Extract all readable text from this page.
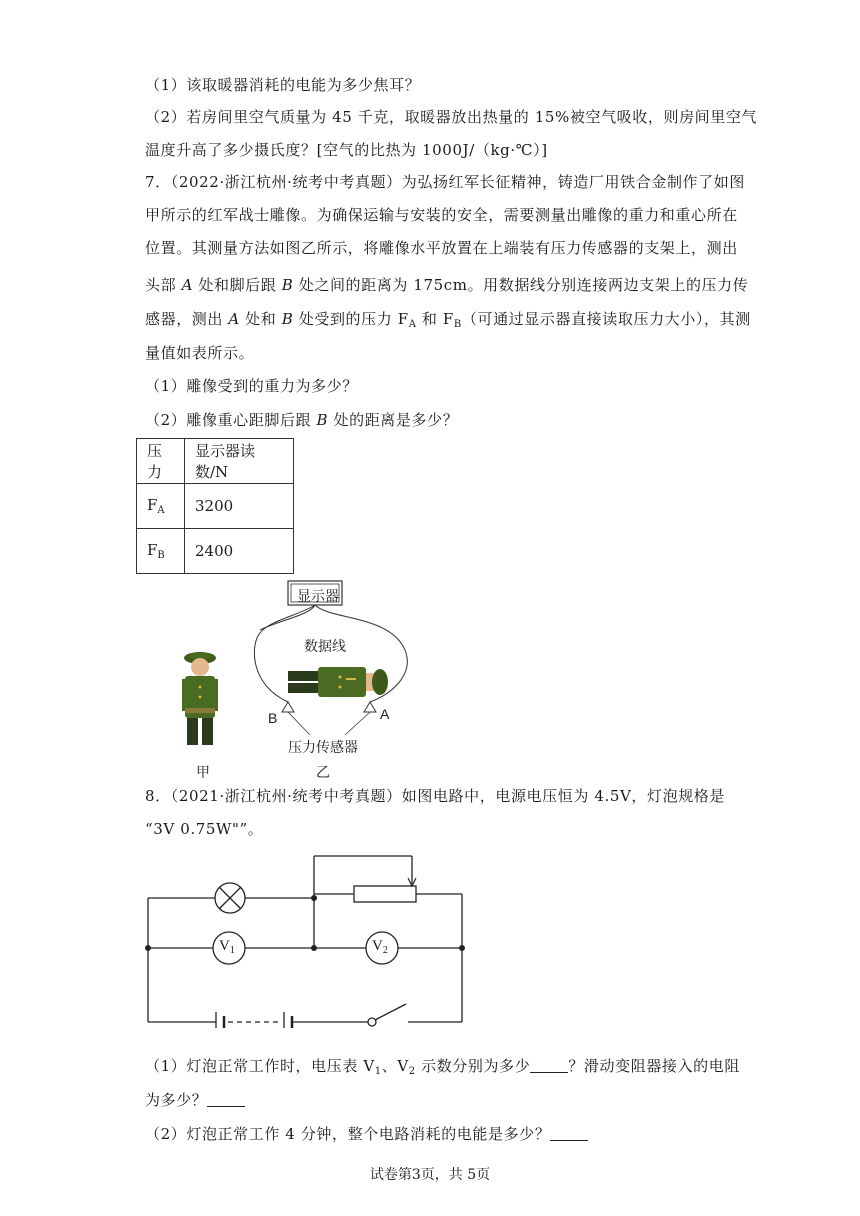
（1）该取暖器消耗的电能为多少焦耳？
（2）若房间里空气质量为 45 千克，取暖器放出热量的 15%被空气吸收，则房间里空气
温度升高了多少摄氏度？[空气的比热为 1000J/（kg·℃）]
7．（2022·浙江杭州·统考中考真题）为弘扬红军长征精神，铸造厂用铁合金制作了如图
甲所示的红军战士雕像。为确保运输与安装的安全，需要测量出雕像的重力和重心所在
位置。其测量方法如图乙所示，将雕像水平放置在上端装有压力传感器的支架上，测出
头部 A 处和脚后跟 B 处之间的距离为 175cm。用数据线分别连接两边支架上的压力传
感器，测出 A 处和 B 处受到的压力 $F_A$ 和 $F_B$（可通过显示器直接读取压力大小），其测
量值如表所示。
（1）雕像受到的重力为多少？
（2）雕像重心距脚后跟 B 处的距离是多少？
压力	显示器读数/N
$F_A$	3200
$F_B$	2400
显示器
数据线
B	A
压力传感器
甲	乙
8．（2021·浙江杭州·统考中考真题）如图电路中，电源电压恒为 4.5V，灯泡规格是
“3V 0.75W"”。
$V_1$	$V_2$
（1）灯泡正常工作时，电压表 $V_1$、$V_2$ 示数分别为多少	？滑动变阻器接入的电阻
为多少？
（2）灯泡正常工作 4 分钟，整个电路消耗的电能是多少？
试卷第3页，共 5页
